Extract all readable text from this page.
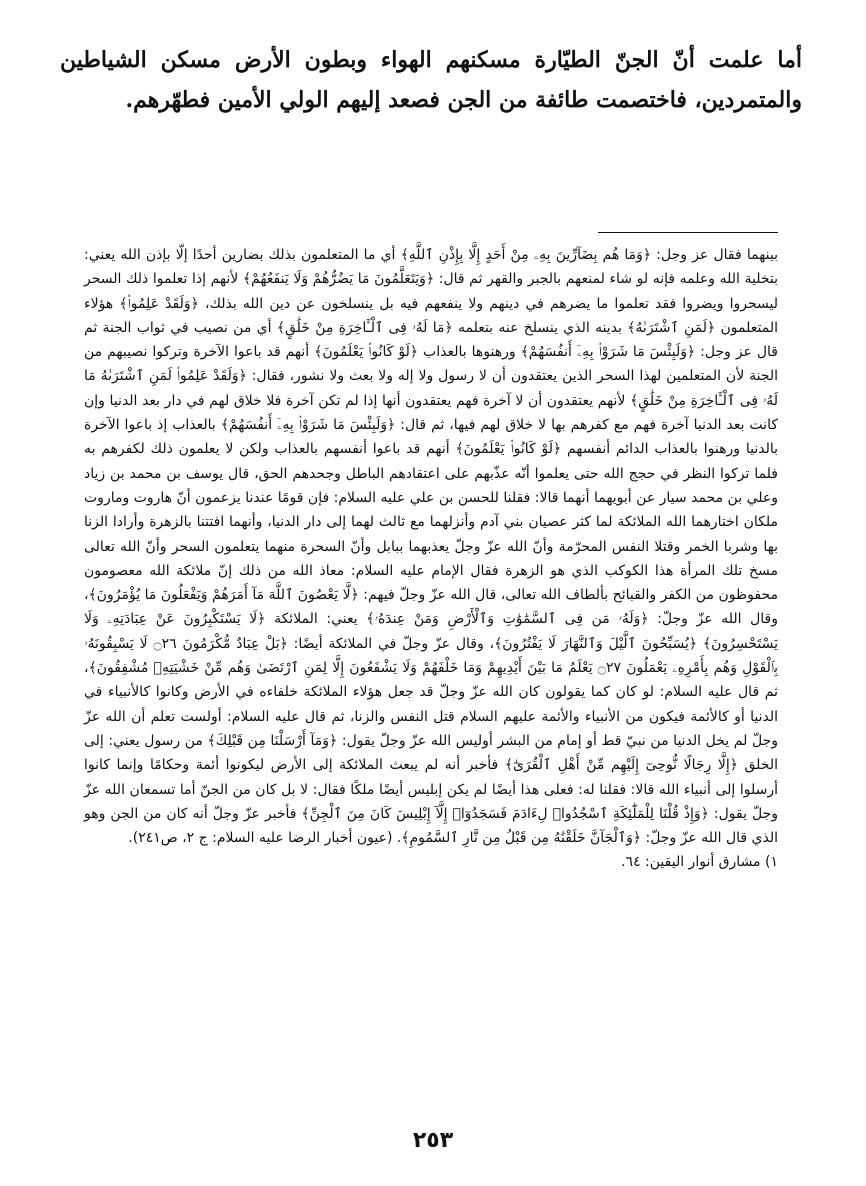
أما علمت أنّ الجنّ الطيّارة مسكنهم الهواء وبطون الأرض مسكن الشياطين والمتمردين، فاختصمت طائفة من الجن فصعد إليهم الولي الأمين فطهّرهم.

بينهما فقال عز وجل: ﴿وَمَا هُم بِضَآرِّينَ بِهِۦ مِنْ أَحَدٍ إِلَّا بِإِذْنِ ٱللَّهِ﴾ أي ما المتعلمون بذلك بضارين أحدًا إلّا بإذن الله يعني: بتخلية الله وعلمه فإنه لو شاء لمنعهم بالجبر والقهر ثم قال: ﴿وَيَتَعَلَّمُونَ مَا يَضُرُّهُمْ وَلَا يَنفَعُهُمْ﴾ لأنهم إذا تعلموا ذلك السحر ليسحروا ويضروا فقد تعلموا ما يضرهم في دينهم ولا ينفعهم فيه بل ينسلخون عن دين الله بذلك، ﴿وَلَقَدْ عَلِمُوا۟﴾ هؤلاء المتعلمون ﴿لَمَنِ ٱشْتَرَىٰهُ﴾ بدينه الذي ينسلخ عنه بتعلمه ﴿مَا لَهُۥ فِى ٱلْـَٔاخِرَةِ مِنْ خَلَٰقٍ﴾ أي من نصيب في ثواب الجنة ثم قال عز وجل: ﴿وَلَبِئْسَ مَا شَرَوْا۟ بِهِۦٓ أَنفُسَهُمْ﴾ ورهنوها بالعذاب ﴿لَوْ كَانُوا۟ يَعْلَمُونَ﴾ أنهم قد باعوا الآخرة وتركوا نصيبهم من الجنة لأن المتعلمين لهذا السحر الذين يعتقدون أن لا رسول ولا إله ولا بعث ولا نشور، فقال: ﴿وَلَقَدْ عَلِمُوا۟ لَمَنِ ٱشْتَرَىٰهُ مَا لَهُۥ فِى ٱلْـَٔاخِرَةِ مِنْ خَلَٰقٍ﴾ لأنهم يعتقدون أن لا آخرة فهم يعتقدون أنها إذا لم تكن آخرة فلا خلاق لهم في دار بعد الدنيا وإن كانت بعد الدنيا آخرة فهم مع كفرهم بها لا خلاق لهم فيها، ثم قال: ﴿وَلَبِئْسَ مَا شَرَوْا۟ بِهِۦٓ أَنفُسَهُمْ﴾ بالعذاب إذ باعوا الآخرة بالدنيا ورهنوا بالعذاب الدائم أنفسهم ﴿لَوْ كَانُوا۟ يَعْلَمُونَ﴾ أنهم قد باعوا أنفسهم بالعذاب ولكن لا يعلمون ذلك لكفرهم به فلما تركوا النظر في حجج الله حتى يعلموا أنّه عذّبهم على اعتقادهم الباطل وجحدهم الحق، قال يوسف بن محمد بن زياد وعلي بن محمد سيار عن أبويهما أنهما قالا: فقلنا للحسن بن علي عليه السلام: فإن قومًا عندنا يزعمون أنّ هاروت وماروت ملكان اختارهما الله الملائكة لما كثر عصيان بني آدم وأنزلهما مع ثالث لهما إلى دار الدنيا، وأنهما افتتنا بالزهرة وأرادا الزنا بها وشربا الخمر وقتلا النفس المحرّمة وأنّ الله عزّ وجلّ يعذبهما ببابل وأنّ السحرة منهما يتعلمون السحر وأنّ الله تعالى مسخ تلك المرأة هذا الكوكب الذي هو الزهرة فقال الإمام عليه السلام: معاذ الله من ذلك إنّ ملائكة الله معصومون محفوظون من الكفر والقبائح بألطاف الله تعالى، قال الله عزّ وجلّ فيهم: ﴿لَّا يَعْصُونَ ٱللَّهَ مَآ أَمَرَهُمْ وَيَفْعَلُونَ مَا يُؤْمَرُونَ﴾، وقال الله عزّ وجلّ: ﴿وَلَهُۥ مَن فِى ٱلسَّمَٰوَٰتِ وَٱلْأَرْضِ وَمَنْ عِندَهُۥ﴾ يعني: الملائكة ﴿لَا يَسْتَكْبِرُونَ عَنْ عِبَادَتِهِۦ وَلَا يَسْتَحْسِرُونَ﴾ ﴿يُسَبِّحُونَ ٱلَّيْلَ وَٱلنَّهَارَ لَا يَفْتُرُونَ﴾، وقال عزّ وجلّ في الملائكة أيضًا: ﴿بَلْ عِبَادٌ مُّكْرَمُونَ ۝٢٦ لَا يَسْبِقُونَهُۥ بِٱلْقَوْلِ وَهُم بِأَمْرِهِۦ يَعْمَلُونَ ۝٢٧ يَعْلَمُ مَا بَيْنَ أَيْدِيهِمْ وَمَا خَلْفَهُمْ وَلَا يَشْفَعُونَ إِلَّا لِمَنِ ٱرْتَضَىٰ وَهُم مِّنْ خَشْيَتِهِۦ مُشْفِقُونَ﴾، ثم قال عليه السلام: لو كان كما يقولون كان الله عزّ وجلّ قد جعل هؤلاء الملائكة خلفاءه في الأرض وكانوا كالأنبياء في الدنيا أو كالأئمة فيكون من الأنبياء والأئمة عليهم السلام قتل النفس والزنا، ثم قال عليه السلام: أولست تعلم أن الله عزّ وجلّ لم يخل الدنيا من نبيّ قط أو إمام من البشر أوليس الله عزّ وجلّ يقول: ﴿وَمَآ أَرْسَلْنَا مِن قَبْلِكَ﴾ من رسول يعني: إلى الخلق ﴿إِلَّا رِجَالًا نُّوحِىٓ إِلَيْهِم مِّنْ أَهْلِ ٱلْقُرَىٰٓ﴾ فأخبر أنه لم يبعث الملائكة إلى الأرض ليكونوا أئمة وحكامًا وإنما كانوا أرسلوا إلى أنبياء الله قالا: فقلنا له: فعلى هذا أيضًا لم يكن إبليس أيضًا ملكًا فقال: لا بل كان من الجنّ أما تسمعان الله عزّ وجلّ يقول: ﴿وَإِذْ قُلْنَا لِلْمَلَٰٓئِكَةِ ٱسْجُدُوا۟ لِءَادَمَ فَسَجَدُوٓا۟ إِلَّآ إِبْلِيسَ كَانَ مِنَ ٱلْجِنِّ﴾ فأخبر عزّ وجلّ أنه كان من الجن وهو الذي قال الله عزّ وجلّ: ﴿وَٱلْجَآنَّ خَلَقْنَٰهُ مِن قَبْلُ مِن نَّارِ ٱلسَّمُومِ﴾. (عيون أخبار الرضا عليه السلام: ج ٢، ص٢٤١).

١) مشارق أنوار اليقين: ٦٤.

٢٥٣
